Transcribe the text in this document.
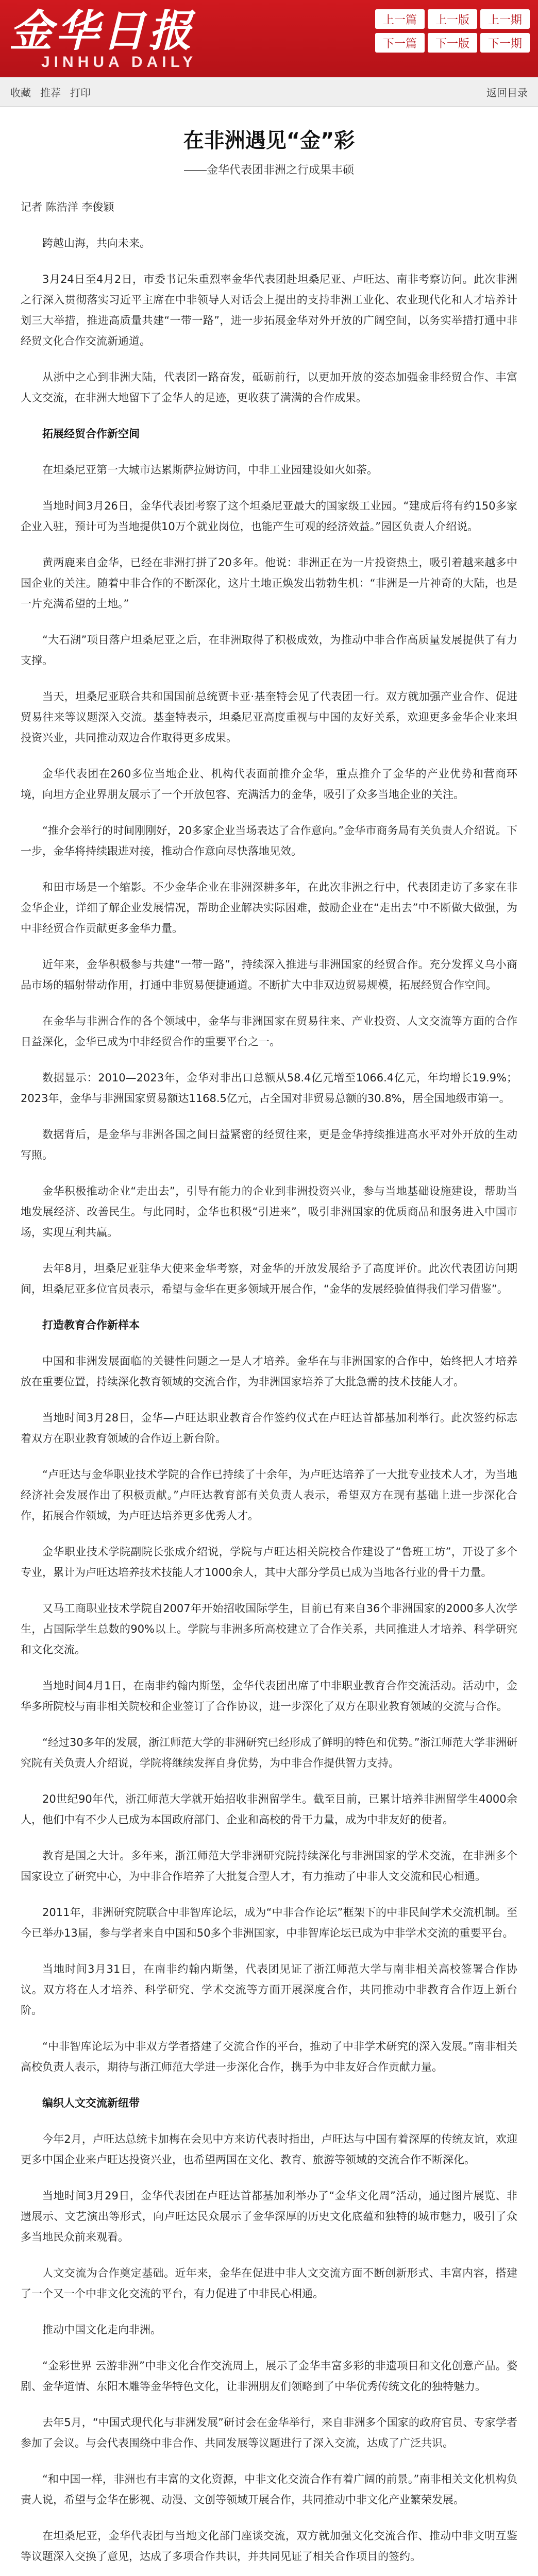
金华日报
JINHUA DAILY
上一篇	上一版	上一期
下一篇	下一版	下一期
收藏 推荐 打印	返回目录
在非洲遇见“金”彩
——金华代表团非洲之行成果丰硕

记者 陈浩洋 李俊颖

跨越山海，共向未来。

3月24日至4月2日，市委书记朱重烈率金华代表团赴坦桑尼亚、卢旺达、南非考察访问。此次非洲之行深入贯彻落实习近平主席在中非领导人对话会上提出的支持非洲工业化、农业现代化和人才培养计划三大举措，推进高质量共建“一带一路”，进一步拓展金华对外开放的广阔空间，以务实举措打通中非经贸文化合作交流新通道。

从浙中之心到非洲大陆，代表团一路奋发，砥砺前行，以更加开放的姿态加强金非经贸合作、丰富人文交流，在非洲大地留下了金华人的足迹，更收获了满满的合作成果。

拓展经贸合作新空间

在坦桑尼亚第一大城市达累斯萨拉姆访问，中非工业园建设如火如荼。

当地时间3月26日，金华代表团考察了这个坦桑尼亚最大的国家级工业园。“建成后将有约150多家企业入驻，预计可为当地提供10万个就业岗位，也能产生可观的经济效益。”园区负责人介绍说。

黄两鹿来自金华，已经在非洲打拼了20多年。他说：非洲正在为一片投资热土，吸引着越来越多中国企业的关注。随着中非合作的不断深化，这片土地正焕发出勃勃生机：“非洲是一片神奇的大陆，也是一片充满希望的土地。”

“大石湖”项目落户坦桑尼亚之后，在非洲取得了积极成效，为推动中非合作高质量发展提供了有力支撑。

当天，坦桑尼亚联合共和国国前总统贾卡亚·基奎特会见了代表团一行。双方就加强产业合作、促进贸易往来等议题深入交流。基奎特表示，坦桑尼亚高度重视与中国的友好关系，欢迎更多金华企业来坦投资兴业，共同推动双边合作取得更多成果。

金华代表团在260多位当地企业、机构代表面前推介金华，重点推介了金华的产业优势和营商环境，向坦方企业界朋友展示了一个开放包容、充满活力的金华，吸引了众多当地企业的关注。

“推介会举行的时间刚刚好，20多家企业当场表达了合作意向。”金华市商务局有关负责人介绍说。下一步，金华将持续跟进对接，推动合作意向尽快落地见效。

和田市场是一个缩影。不少金华企业在非洲深耕多年，在此次非洲之行中，代表团走访了多家在非金华企业，详细了解企业发展情况，帮助企业解决实际困难，鼓励企业在“走出去”中不断做大做强，为中非经贸合作贡献更多金华力量。

近年来，金华积极参与共建“一带一路”，持续深入推进与非洲国家的经贸合作。充分发挥义乌小商品市场的辐射带动作用，打通中非贸易便捷通道。不断扩大中非双边贸易规模，拓展经贸合作空间。

在金华与非洲合作的各个领域中，金华与非洲国家在贸易往来、产业投资、人文交流等方面的合作日益深化，金华已成为中非经贸合作的重要平台之一。

数据显示：2010—2023年，金华对非出口总额从58.4亿元增至1066.4亿元，年均增长19.9%；2023年，金华与非洲国家贸易额达1168.5亿元，占全国对非贸易总额的30.8%，居全国地级市第一。

数据背后，是金华与非洲各国之间日益紧密的经贸往来，更是金华持续推进高水平对外开放的生动写照。

金华积极推动企业“走出去”，引导有能力的企业到非洲投资兴业，参与当地基础设施建设，帮助当地发展经济、改善民生。与此同时，金华也积极“引进来”，吸引非洲国家的优质商品和服务进入中国市场，实现互利共赢。

去年8月，坦桑尼亚驻华大使来金华考察，对金华的开放发展给予了高度评价。此次代表团访问期间，坦桑尼亚多位官员表示，希望与金华在更多领域开展合作，“金华的发展经验值得我们学习借鉴”。

打造教育合作新样本

中国和非洲发展面临的关键性问题之一是人才培养。金华在与非洲国家的合作中，始终把人才培养放在重要位置，持续深化教育领域的交流合作，为非洲国家培养了大批急需的技术技能人才。

当地时间3月28日，金华—卢旺达职业教育合作签约仪式在卢旺达首都基加利举行。此次签约标志着双方在职业教育领域的合作迈上新台阶。

“卢旺达与金华职业技术学院的合作已持续了十余年，为卢旺达培养了一大批专业技术人才，为当地经济社会发展作出了积极贡献。”卢旺达教育部有关负责人表示，希望双方在现有基础上进一步深化合作，拓展合作领域，为卢旺达培养更多优秀人才。

金华职业技术学院副院长张成介绍说，学院与卢旺达相关院校合作建设了“鲁班工坊”，开设了多个专业，累计为卢旺达培养技术技能人才1000余人，其中大部分学员已成为当地各行业的骨干力量。

又马工商职业技术学院自2007年开始招收国际学生，目前已有来自36个非洲国家的2000多人次学生，占国际学生总数的90%以上。学院与非洲多所高校建立了合作关系，共同推进人才培养、科学研究和文化交流。

当地时间4月1日，在南非约翰内斯堡，金华代表团出席了中非职业教育合作交流活动。活动中，金华多所院校与南非相关院校和企业签订了合作协议，进一步深化了双方在职业教育领域的交流与合作。

“经过30多年的发展，浙江师范大学的非洲研究已经形成了鲜明的特色和优势。”浙江师范大学非洲研究院有关负责人介绍说，学院将继续发挥自身优势，为中非合作提供智力支持。

20世纪90年代，浙江师范大学就开始招收非洲留学生。截至目前，已累计培养非洲留学生4000余人，他们中有不少人已成为本国政府部门、企业和高校的骨干力量，成为中非友好的使者。

教育是国之大计。多年来，浙江师范大学非洲研究院持续深化与非洲国家的学术交流，在非洲多个国家设立了研究中心，为中非合作培养了大批复合型人才，有力推动了中非人文交流和民心相通。

2011年，非洲研究院联合中非智库论坛，成为“中非合作论坛”框架下的中非民间学术交流机制。至今已举办13届，参与学者来自中国和50多个非洲国家，中非智库论坛已成为中非学术交流的重要平台。

当地时间3月31日，在南非约翰内斯堡，代表团见证了浙江师范大学与南非相关高校签署合作协议。双方将在人才培养、科学研究、学术交流等方面开展深度合作，共同推动中非教育合作迈上新台阶。

“中非智库论坛为中非双方学者搭建了交流合作的平台，推动了中非学术研究的深入发展。”南非相关高校负责人表示，期待与浙江师范大学进一步深化合作，携手为中非友好合作贡献力量。

编织人文交流新纽带

今年2月，卢旺达总统卡加梅在会见中方来访代表时指出，卢旺达与中国有着深厚的传统友谊，欢迎更多中国企业来卢旺达投资兴业，也希望两国在文化、教育、旅游等领域的交流合作不断深化。

当地时间3月29日，金华代表团在卢旺达首都基加利举办了“金华文化周”活动，通过图片展览、非遗展示、文艺演出等形式，向卢旺达民众展示了金华深厚的历史文化底蕴和独特的城市魅力，吸引了众多当地民众前来观看。

人文交流为合作奠定基础。近年来，金华在促进中非人文交流方面不断创新形式、丰富内容，搭建了一个又一个中非文化交流的平台，有力促进了中非民心相通。

推动中国文化走向非洲。

“金彩世界 云游非洲”中非文化合作交流周上，展示了金华丰富多彩的非遗项目和文化创意产品。婺剧、金华道情、东阳木雕等金华特色文化，让非洲朋友们领略到了中华优秀传统文化的独特魅力。

去年5月，“中国式现代化与非洲发展”研讨会在金华举行，来自非洲多个国家的政府官员、专家学者参加了会议。与会代表围绕中非合作、共同发展等议题进行了深入交流，达成了广泛共识。

“和中国一样，非洲也有丰富的文化资源，中非文化交流合作有着广阔的前景。”南非相关文化机构负责人说，希望与金华在影视、动漫、文创等领域开展合作，共同推动中非文化产业繁荣发展。

在坦桑尼亚，金华代表团与当地文化部门座谈交流，双方就加强文化交流合作、推动中非文明互鉴等议题深入交换了意见，达成了多项合作共识，并共同见证了相关合作项目的签约。
